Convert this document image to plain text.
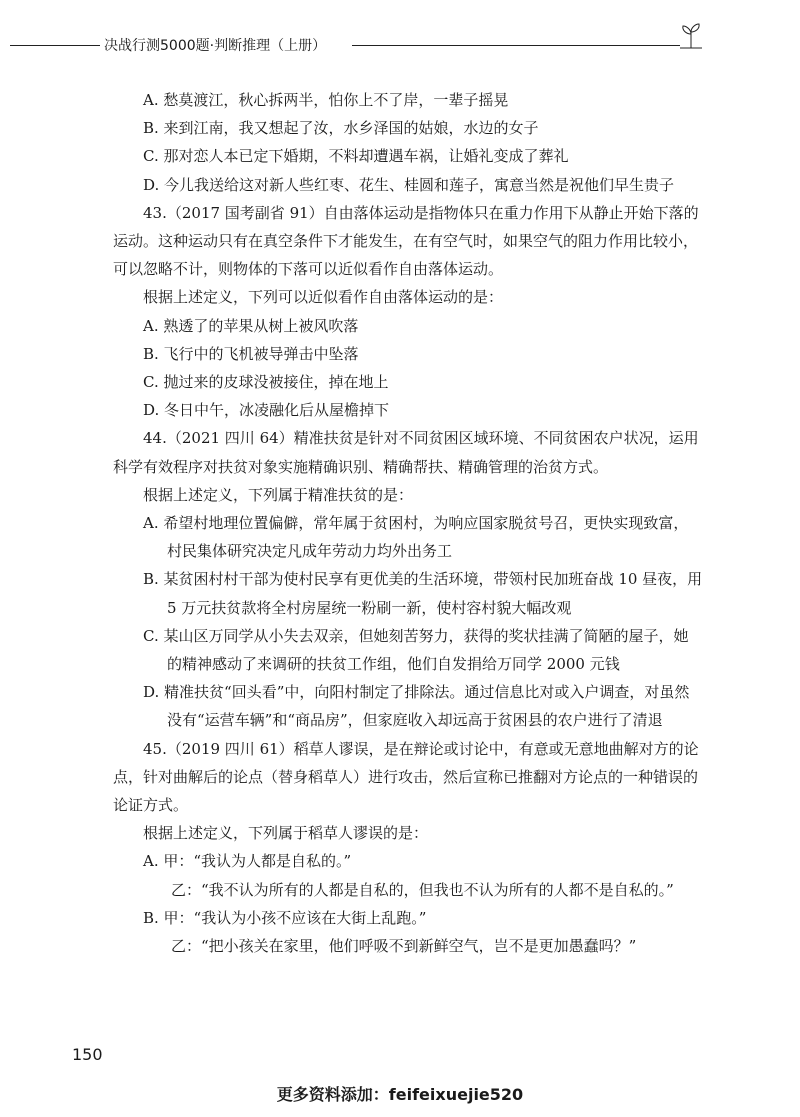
决战行测5000题·判断推理（上册）

A. 愁莫渡江，秋心拆两半，怕你上不了岸，一辈子摇晃

B. 来到江南，我又想起了汝，水乡泽国的姑娘，水边的女子

C. 那对恋人本已定下婚期，不料却遭遇车祸，让婚礼变成了葬礼

D. 今儿我送给这对新人些红枣、花生、桂圆和莲子，寓意当然是祝他们早生贵子

43.（2017 国考副省 91）自由落体运动是指物体只在重力作用下从静止开始下落的运动。这种运动只有在真空条件下才能发生，在有空气时，如果空气的阻力作用比较小，可以忽略不计，则物体的下落可以近似看作自由落体运动。

根据上述定义，下列可以近似看作自由落体运动的是：

A. 熟透了的苹果从树上被风吹落

B. 飞行中的飞机被导弹击中坠落

C. 抛过来的皮球没被接住，掉在地上

D. 冬日中午，冰凌融化后从屋檐掉下

44.（2021 四川 64）精准扶贫是针对不同贫困区域环境、不同贫困农户状况，运用科学有效程序对扶贫对象实施精确识别、精确帮扶、精确管理的治贫方式。

根据上述定义，下列属于精准扶贫的是：

A. 希望村地理位置偏僻，常年属于贫困村，为响应国家脱贫号召，更快实现致富，村民集体研究决定凡成年劳动力均外出务工

B. 某贫困村村干部为使村民享有更优美的生活环境，带领村民加班奋战 10 昼夜，用 5 万元扶贫款将全村房屋统一粉刷一新，使村容村貌大幅改观

C. 某山区万同学从小失去双亲，但她刻苦努力，获得的奖状挂满了简陋的屋子，她的精神感动了来调研的扶贫工作组，他们自发捐给万同学 2000 元钱

D. 精准扶贫“回头看”中，向阳村制定了排除法。通过信息比对或入户调查，对虽然没有“运营车辆”和“商品房”，但家庭收入却远高于贫困县的农户进行了清退

45.（2019 四川 61）稻草人谬误，是在辩论或讨论中，有意或无意地曲解对方的论点，针对曲解后的论点（替身稻草人）进行攻击，然后宣称已推翻对方论点的一种错误的论证方式。

根据上述定义，下列属于稻草人谬误的是：

A. 甲：“我认为人都是自私的。”

乙：“我不认为所有的人都是自私的，但我也不认为所有的人都不是自私的。”

B. 甲：“我认为小孩不应该在大街上乱跑。”

乙：“把小孩关在家里，他们呼吸不到新鲜空气，岂不是更加愚蠢吗？”

150
更多资料添加：feifeixuejie520
